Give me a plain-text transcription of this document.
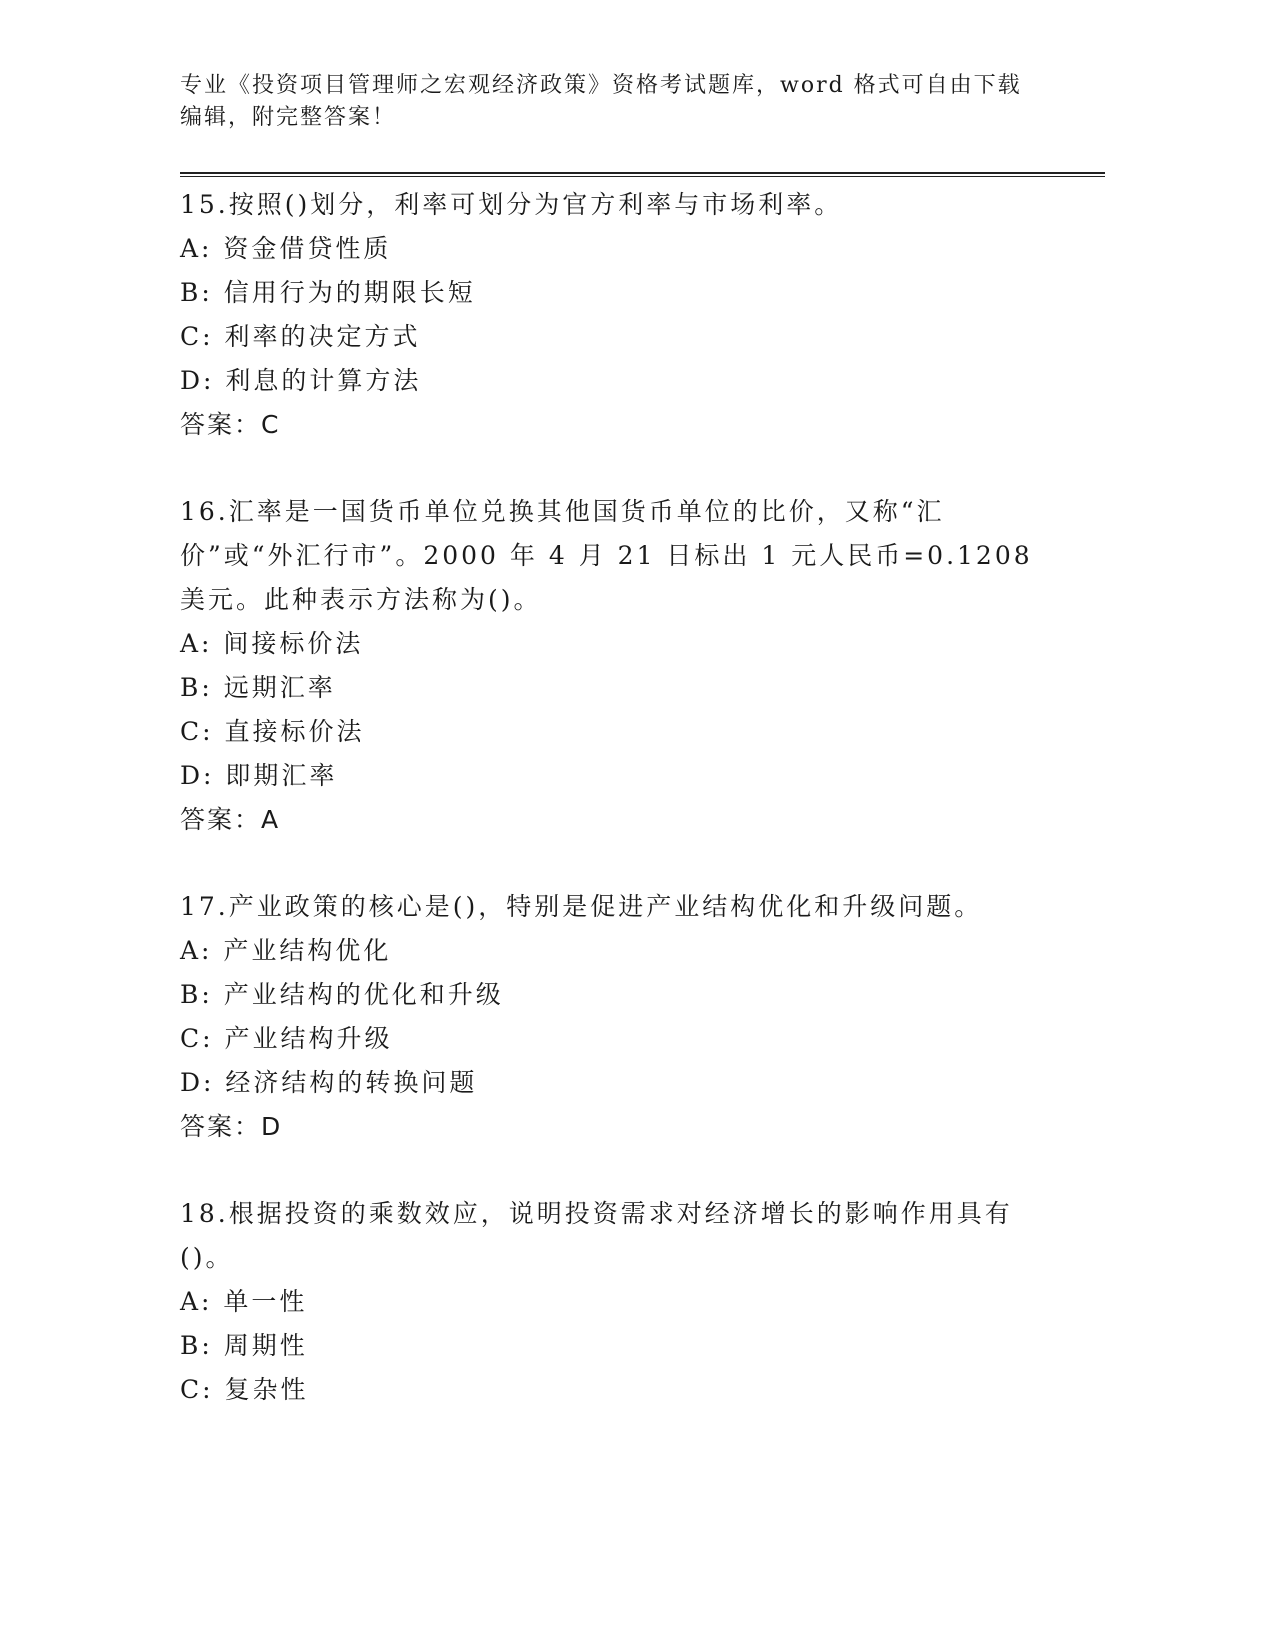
专业《投资项目管理师之宏观经济政策》资格考试题库，word 格式可自由下载编辑，附完整答案！
15.按照()划分，利率可划分为官方利率与市场利率。
A: 资金借贷性质
B: 信用行为的期限长短
C: 利率的决定方式
D: 利息的计算方法
答案：C
16.汇率是一国货币单位兑换其他国货币单位的比价，又称“汇价”或“外汇行市”。2000 年 4 月 21 日标出 1 元人民币=0.1208 美元。此种表示方法称为()。
A: 间接标价法
B: 远期汇率
C: 直接标价法
D: 即期汇率
答案：A
17.产业政策的核心是()，特别是促进产业结构优化和升级问题。
A: 产业结构优化
B: 产业结构的优化和升级
C: 产业结构升级
D: 经济结构的转换问题
答案：D
18.根据投资的乘数效应，说明投资需求对经济增长的影响作用具有()。
A: 单一性
B: 周期性
C: 复杂性
